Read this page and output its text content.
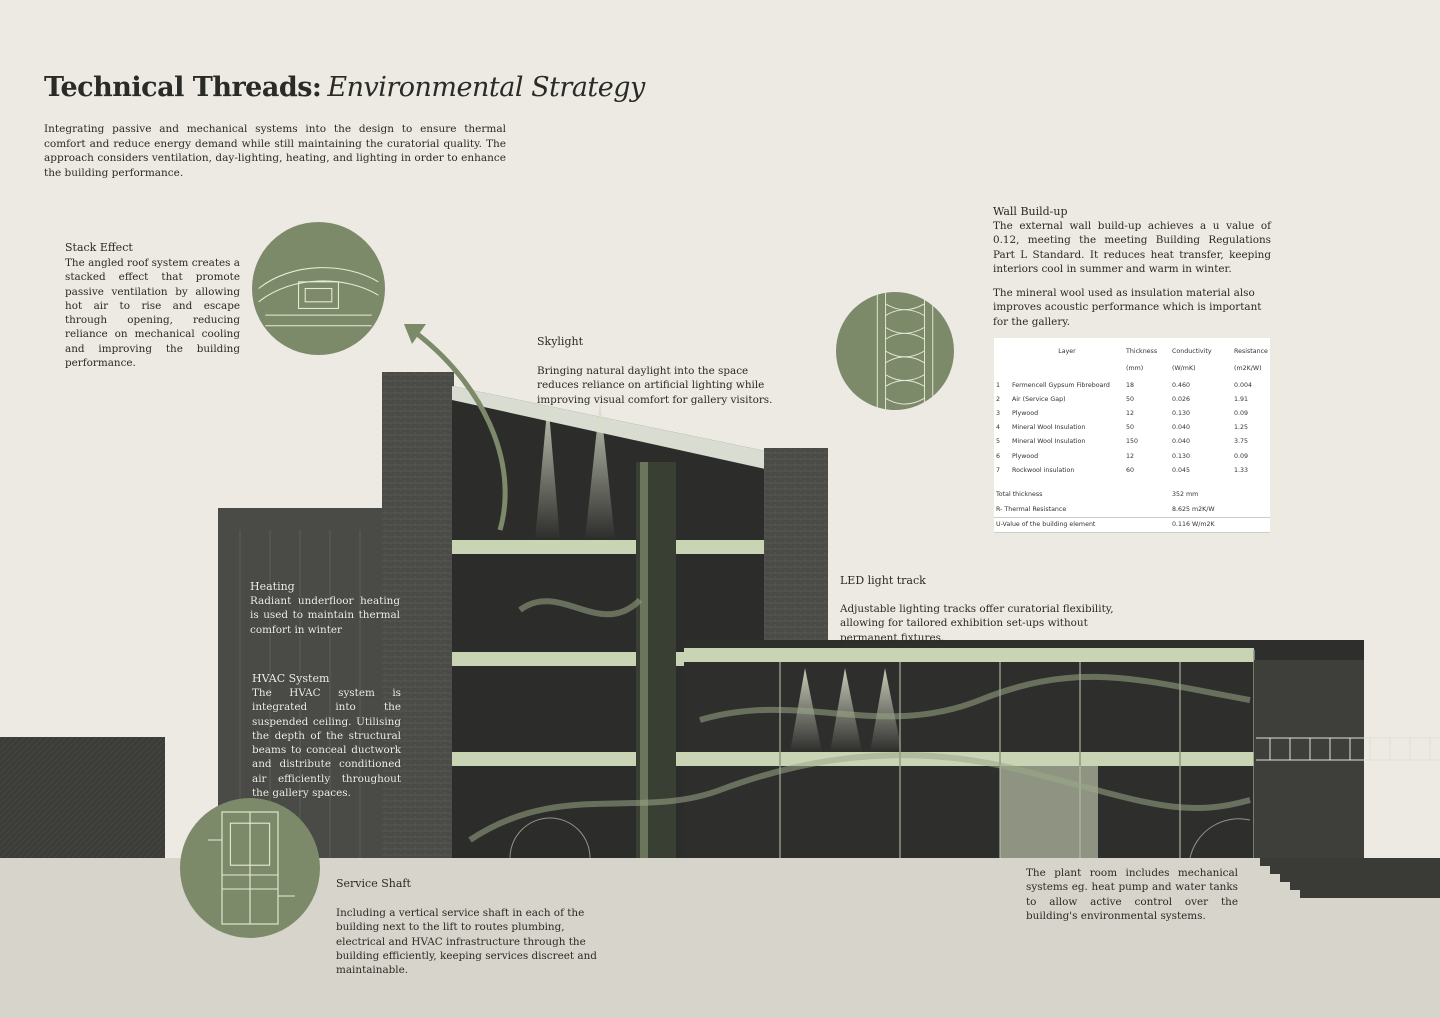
Technical Threads: Environmental Strategy
Integrating passive and mechanical systems into the design to ensure thermal comfort and reduce energy demand while still maintaining the curatorial quality. The approach considers ventilation, day-lighting, heating, and lighting in order to enhance the building performance.
Stack Effect
The angled roof system creates a stacked effect that promote passive ventilation by allowing hot air to rise and escape through opening, reducing reliance on mechanical cooling and improving the building performance.
Skylight
Bringing natural daylight into the space reduces reliance on artificial lighting while improving visual comfort for gallery visitors.
Wall Build-up
The external wall build-up achieves a u value of 0.12, meeting the meeting Building Regulations Part L Standard. It reduces heat transfer, keeping interiors cool in summer and warm in winter.
The mineral wool used as insulation material also improves acoustic performance which is important for the gallery.
	Layer	Thickness	Conductivity	Resistance
		(mm)	(W/mK)	(m2K/W)
1	Fermencell Gypsum Fibreboard	18	0.460	0.004
2	Air (Service Gap)	50	0.026	1.91
3	Plywood	12	0.130	0.09
4	Mineral Wool Insulation	50	0.040	1.25
5	Mineral Wool Insulation	150	0.040	3.75
6	Plywood	12	0.130	0.09
7	Rockwool insulation	60	0.045	1.33

Total thickness			352 mm	
R- Thermal Resistance			8.625 m2K/W	
U-Value of the building element			0.116 W/m2K	
LED light track
Adjustable lighting tracks offer curatorial flexibility, allowing for tailored exhibition set-ups without permanent fixtures.
Heating
Radiant underfloor heating is used to maintain thermal comfort in winter
HVAC System
The HVAC system is integrated into the suspended ceiling. Utilising the depth of the structural beams to conceal ductwork and distribute conditioned air efficiently throughout the gallery spaces.
Service Shaft
Including a vertical service shaft in each of the building next to the lift to routes plumbing, electrical and HVAC infrastructure through the building efficiently, keeping services discreet and maintainable.
The plant room includes mechanical systems eg. heat pump and water tanks to allow active control over the building's environmental systems.
